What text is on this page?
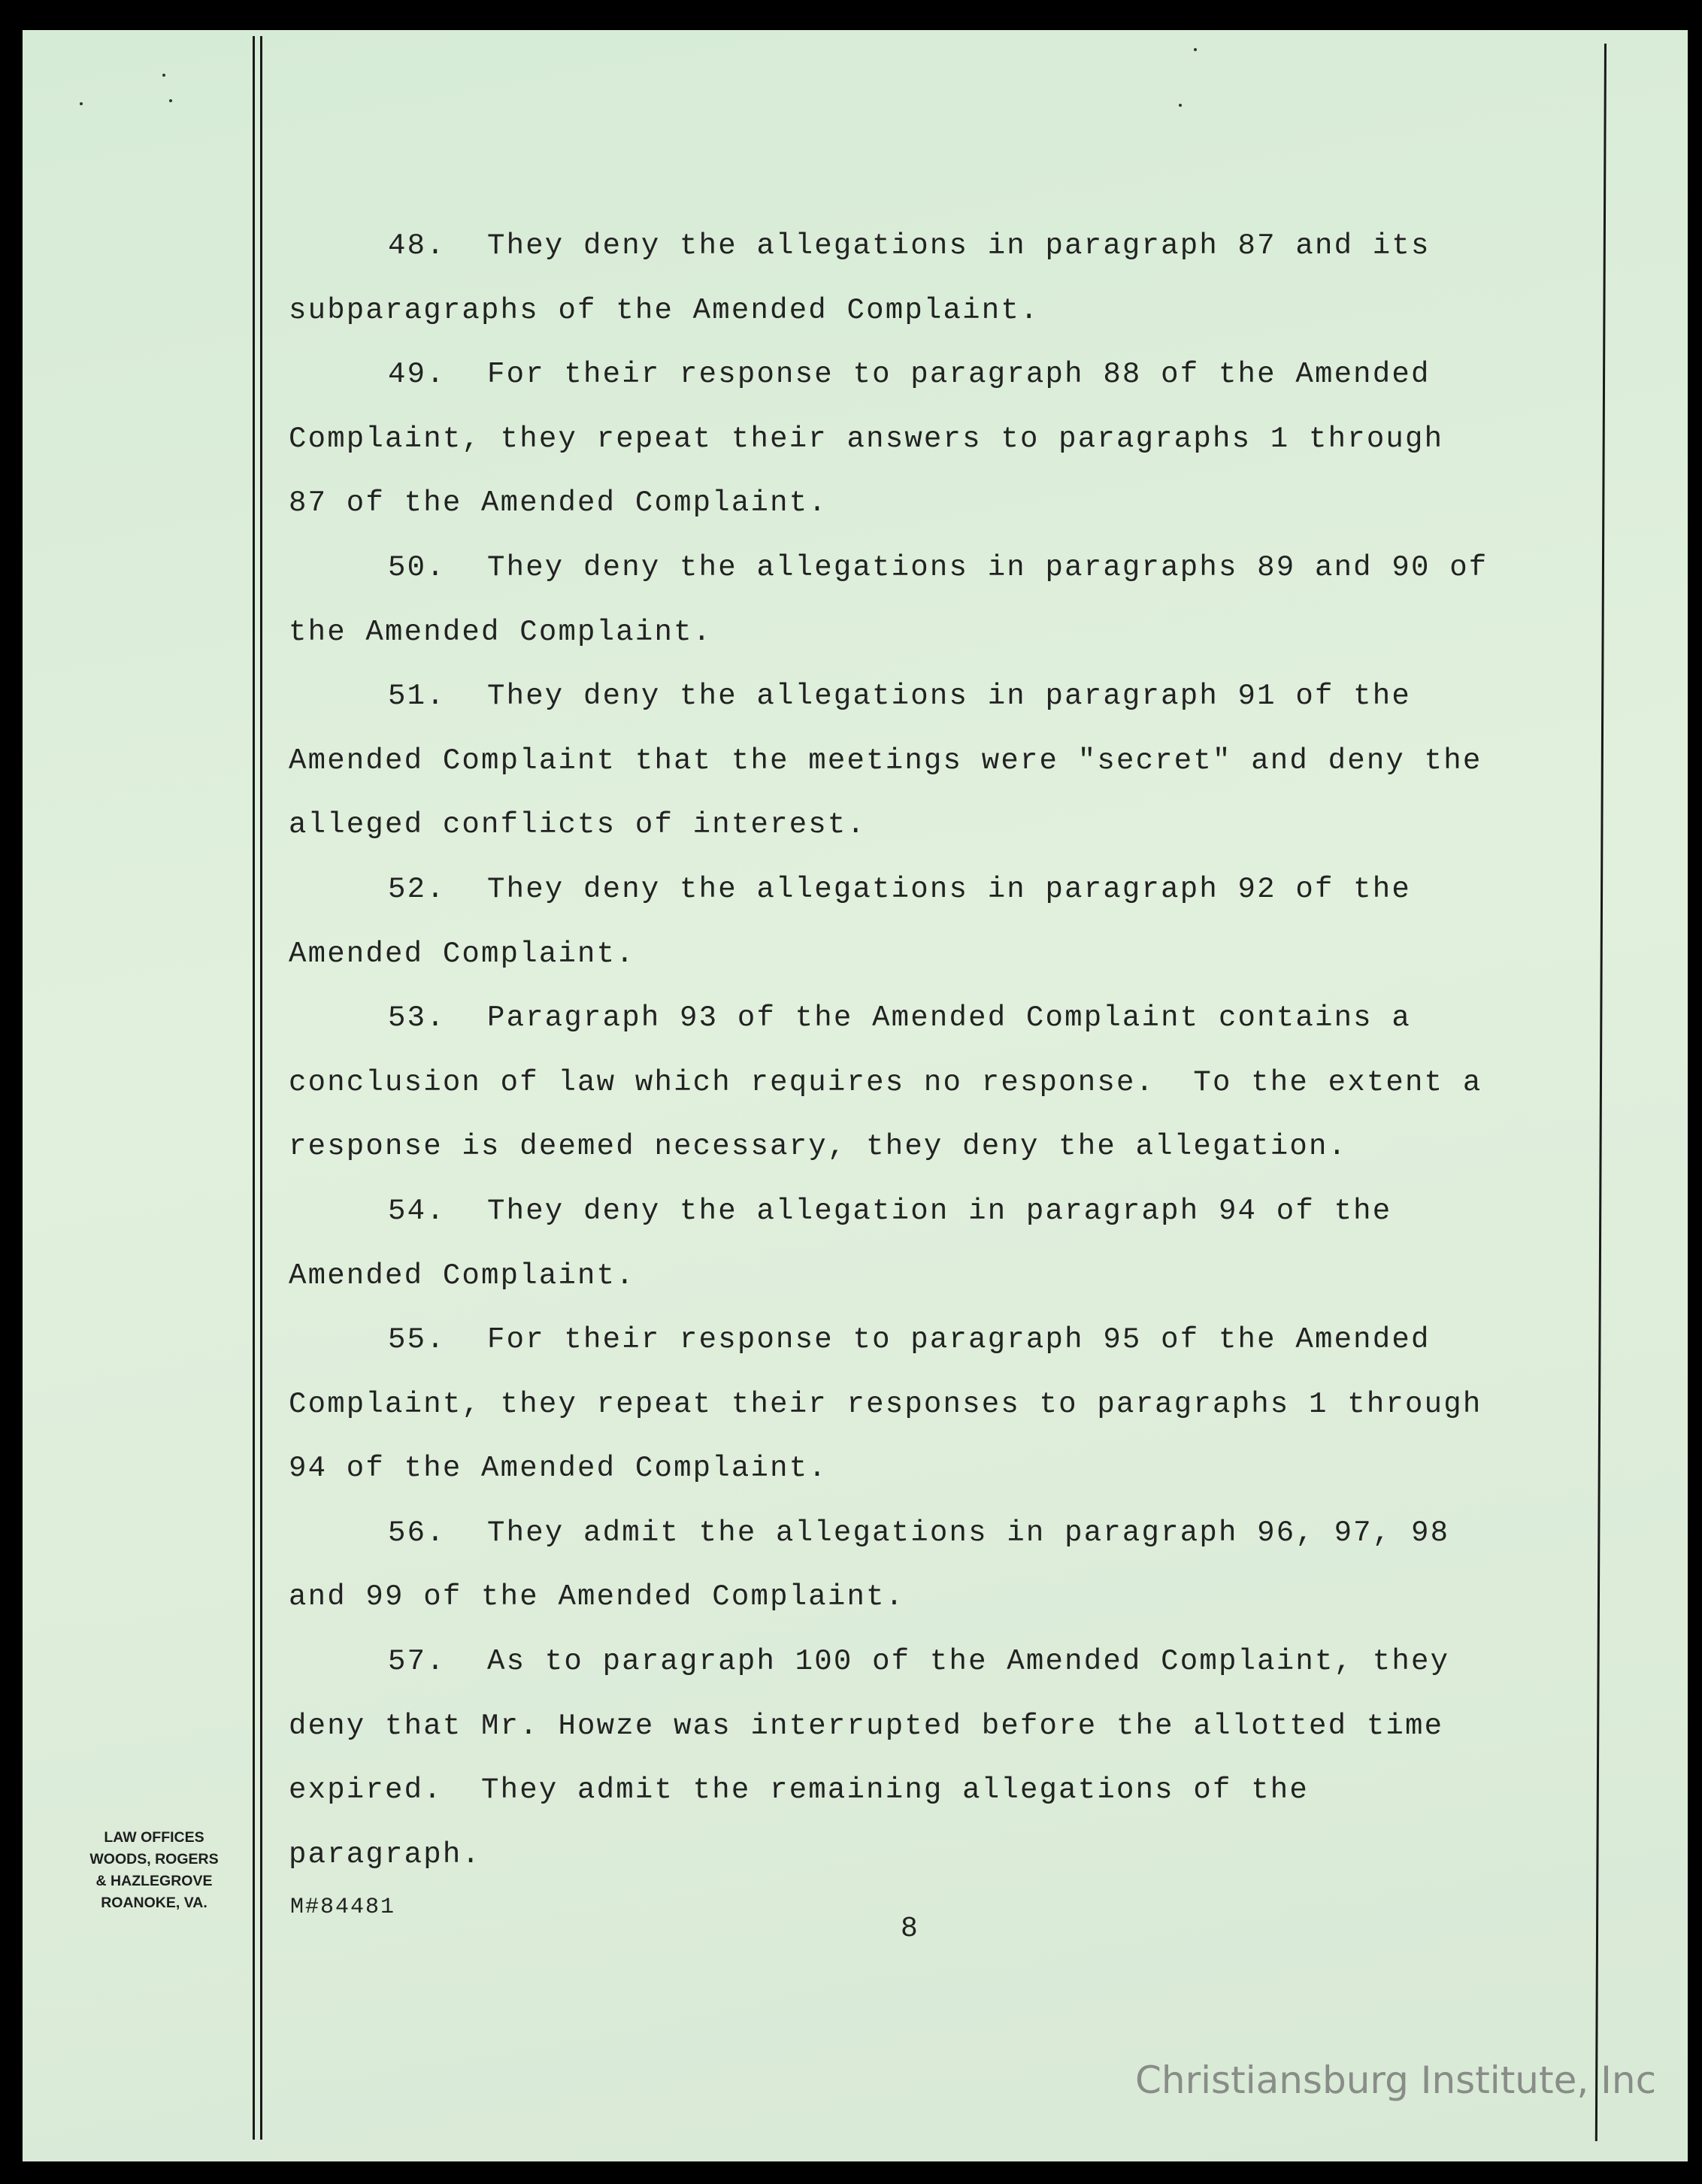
48. They deny the allegations in paragraph 87 and its
subparagraphs of the Amended Complaint.

49. For their response to paragraph 88 of the Amended
Complaint, they repeat their answers to paragraphs 1 through
87 of the Amended Complaint.

50. They deny the allegations in paragraphs 89 and 90 of
the Amended Complaint.

51. They deny the allegations in paragraph 91 of the
Amended Complaint that the meetings were "secret" and deny the
alleged conflicts of interest.

52. They deny the allegations in paragraph 92 of the
Amended Complaint.

53. Paragraph 93 of the Amended Complaint contains a
conclusion of law which requires no response.  To the extent a
response is deemed necessary, they deny the allegation.

54. They deny the allegation in paragraph 94 of the
Amended Complaint.

55. For their response to paragraph 95 of the Amended
Complaint, they repeat their responses to paragraphs 1 through
94 of the Amended Complaint.

56. They admit the allegations in paragraph 96, 97, 98
and 99 of the Amended Complaint.

57. As to paragraph 100 of the Amended Complaint, they
deny that Mr. Howze was interrupted before the allotted time
expired.  They admit the remaining allegations of the
paragraph.

LAW OFFICES
WOODS, ROGERS
& HAZLEGROVE
ROANOKE, VA.	M#84481
8
Christiansburg Institute, Inc
